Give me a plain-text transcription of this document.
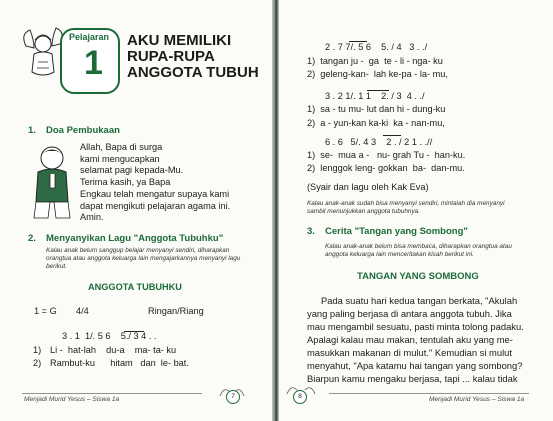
Pelajaran
1
AKU MEMILIKI
RUPA-RUPA
ANGGOTA TUBUH
1. Doa Pembukaan
Allah, Bapa di surga
kami mengucapkan
selamat pagi kepada-Mu.
Terima kasih, ya Bapa
Engkau telah mengatur supaya kami
dapat mengikuti pelajaran agama ini.
Amin.
2. Menyanyikan Lagu "Anggota Tubuhku"
Kalau anak belum sanggup belajar menyanyi sendiri, diharapkan
orangtua atau anggota keluarga lain mengajarkannya menyanyi lagu
berikut.
ANGGOTA TUBUHKU
1 = G 4/4	Ringan/Riang
3 . 1  1/. 5 6    5./ 3 4 . .
1) Li -  hat-lah    du-a    ma- ta- ku
2) Rambut-ku      hitam   dan  le- bat.
Menjadi Murid Yesus – Siswa 1a	7
2 . 7 7/. 5 6    5. / 4   3 . ./
1)  tangan ju -  ga  te - li - nga- ku
2)  geleng-kan-  lah ke-pa - la- mu,
3 . 2 1/. 1 1    2. / 3  4 . ./
1)  sa - tu mu- lut dan hi - dung-ku
2)  a - yun-kan ka-ki  ka - nan-mu,
6 . 6   5/. 4 3    2 . / 2 1 . .//
1)  se-  mua a -   nu- grah Tu -  han-ku.
2)  lenggok leng- gokkan  ba-  dan-mu.
(Syair dan lagu oleh Kak Eva)
Kalau anak-anak sudah bisa menyanyi sendiri, mintalah dia menyanyi
sambil menunjukkan anggota tubuhnya.
3. Cerita "Tangan yang Sombong"
Kalau anak-anak belum bisa membaca, diharapkan orangtua atau
anggota keluarga lain menceritakan kisah berikut ini.
TANGAN YANG SOMBONG
Pada suatu hari kedua tangan berkata, "Akulah
yang paling berjasa di antara anggota tubuh. Jika
mau mengambil sesuatu, pasti minta tolong padaku.
Apalagi kalau mau makan, tentulah aku yang me-
masukkan makanan di mulut." Kemudian si mulut
menyahut, "Apa katamu hai tangan yang sombong?
Biarpun kamu mengaku berjasa, tapi ... kalau tidak
8	Menjadi Murid Yesus – Siswa 1a
